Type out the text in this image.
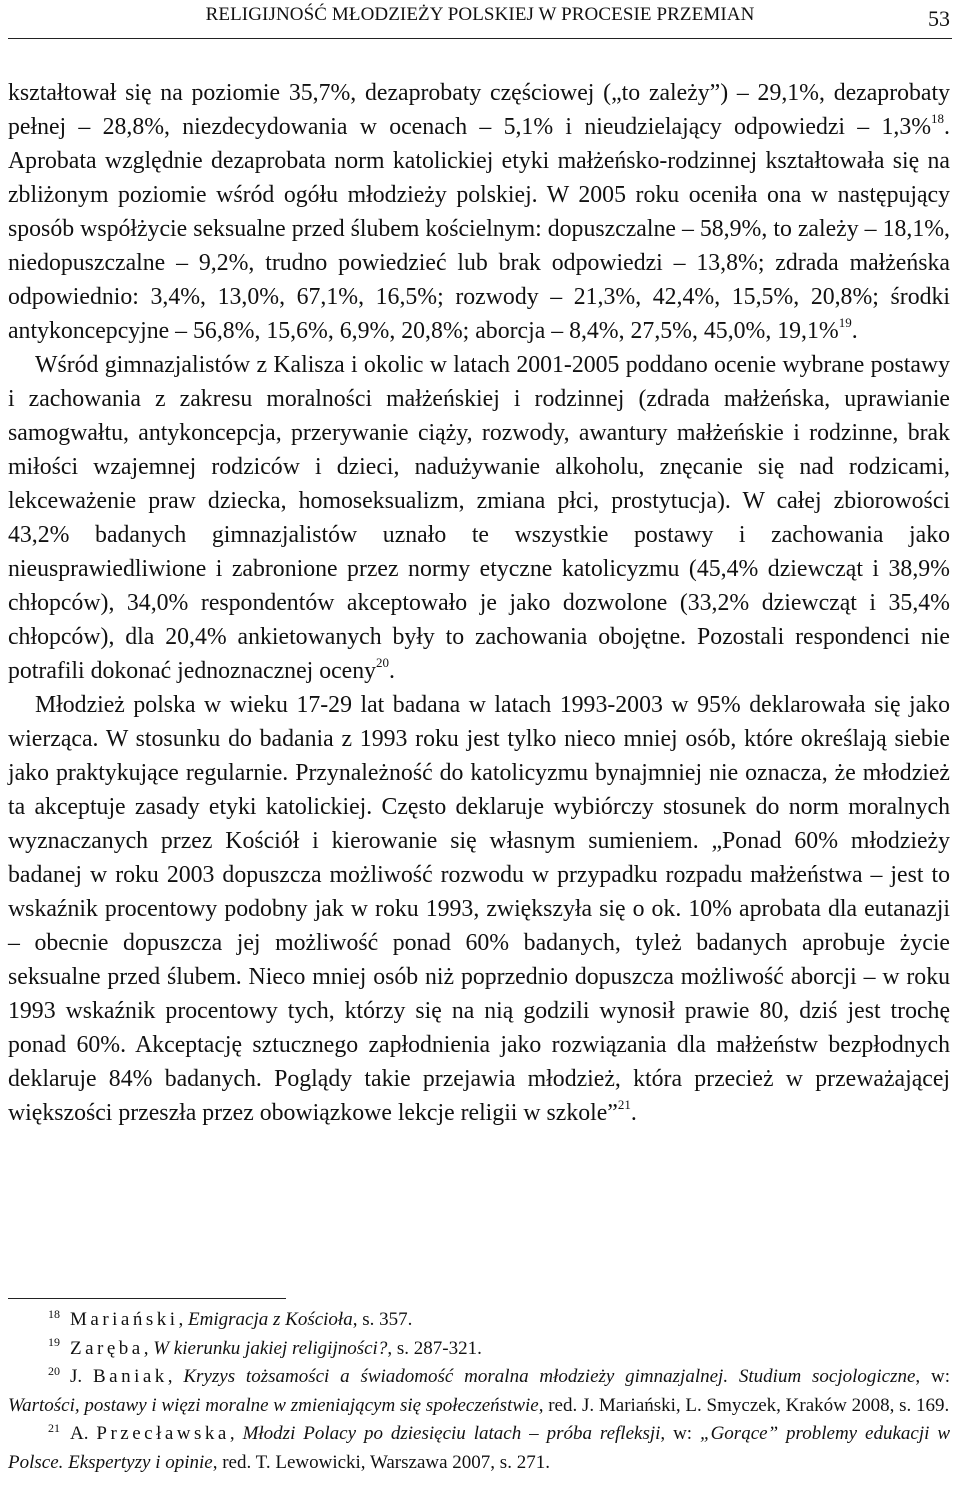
RELIGIJNOŚĆ MŁODZIEŻY POLSKIEJ W PROCESIE PRZEMIAN	53

kształtował się na poziomie 35,7%, dezaprobaty częściowej („to zależy”) – 29,1%, dezaprobaty pełnej – 28,8%, niezdecydowania w ocenach – 5,1% i nieudzielający odpowiedzi – 1,3%$^{18}$. Aprobata względnie dezaprobata norm katolickiej etyki małżeńsko-rodzinnej kształtowała się na zbliżonym poziomie wśród ogółu młodzieży polskiej. W 2005 roku oceniła ona w następujący sposób współżycie seksualne przed ślubem kościelnym: dopuszczalne – 58,9%, to zależy – 18,1%, niedopuszczalne – 9,2%, trudno powiedzieć lub brak odpowiedzi – 13,8%; zdrada małżeńska odpowiednio: 3,4%, 13,0%, 67,1%, 16,5%; rozwody – 21,3%, 42,4%, 15,5%, 20,8%; środki antykoncepcyjne – 56,8%, 15,6%, 6,9%, 20,8%; aborcja – 8,4%, 27,5%, 45,0%, 19,1%$^{19}$.

Wśród gimnazjalistów z Kalisza i okolic w latach 2001-2005 poddano ocenie wybrane postawy i zachowania z zakresu moralności małżeńskiej i rodzinnej (zdrada małżeńska, uprawianie samogwałtu, antykoncepcja, przerywanie ciąży, rozwody, awantury małżeńskie i rodzinne, brak miłości wzajemnej rodziców i dzieci, nadużywanie alkoholu, znęcanie się nad rodzicami, lekceważenie praw dziecka, homoseksualizm, zmiana płci, prostytucja). W całej zbiorowości 43,2% badanych gimnazjalistów uznało te wszystkie postawy i zachowania jako nieusprawiedliwione i zabronione przez normy etyczne katolicyzmu (45,4% dziewcząt i 38,9% chłopców), 34,0% respondentów akceptowało je jako dozwolone (33,2% dziewcząt i 35,4% chłopców), dla 20,4% ankietowanych były to zachowania obojętne. Pozostali respondenci nie potrafili dokonać jednoznacznej oceny$^{20}$.

Młodzież polska w wieku 17-29 lat badana w latach 1993-2003 w 95% deklarowała się jako wierząca. W stosunku do badania z 1993 roku jest tylko nieco mniej osób, które określają siebie jako praktykujące regularnie. Przynależność do katolicyzmu bynajmniej nie oznacza, że młodzież ta akceptuje zasady etyki katolickiej. Często deklaruje wybiórczy stosunek do norm moralnych wyznaczanych przez Kościół i kierowanie się własnym sumieniem. „Ponad 60% młodzieży badanej w roku 2003 dopuszcza możliwość rozwodu w przypadku rozpadu małżeństwa – jest to wskaźnik procentowy podobny jak w roku 1993, zwiększyła się o ok. 10% aprobata dla eutanazji – obecnie dopuszcza jej możliwość ponad 60% badanych, tyleż badanych aprobuje życie seksualne przed ślubem. Nieco mniej osób niż poprzednio dopuszcza możliwość aborcji – w roku 1993 wskaźnik procentowy tych, którzy się na nią godzili wynosił prawie 80, dziś jest trochę ponad 60%. Akceptację sztucznego zapłodnienia jako rozwiązania dla małżeństw bezpłodnych deklaruje 84% badanych. Poglądy takie przejawia młodzież, która przecież w przeważającej większości przeszła przez obowiązkowe lekcje religii w szkole”$^{21}$.

$^{18}$ Mariański, Emigracja z Kościoła, s. 357.

$^{19}$ Zaręba, W kierunku jakiej religijności?, s. 287-321.

$^{20}$ J. Baniak, Kryzys tożsamości a świadomość moralna młodzieży gimnazjalnej. Studium socjologiczne, w: Wartości, postawy i więzi moralne w zmieniającym się społeczeństwie, red. J. Mariański, L. Smyczek, Kraków 2008, s. 169.

$^{21}$ A. Przecławska, Młodzi Polacy po dziesięciu latach – próba refleksji, w: „Gorące” problemy edukacji w Polsce. Ekspertyzy i opinie, red. T. Lewowicki, Warszawa 2007, s. 271.
